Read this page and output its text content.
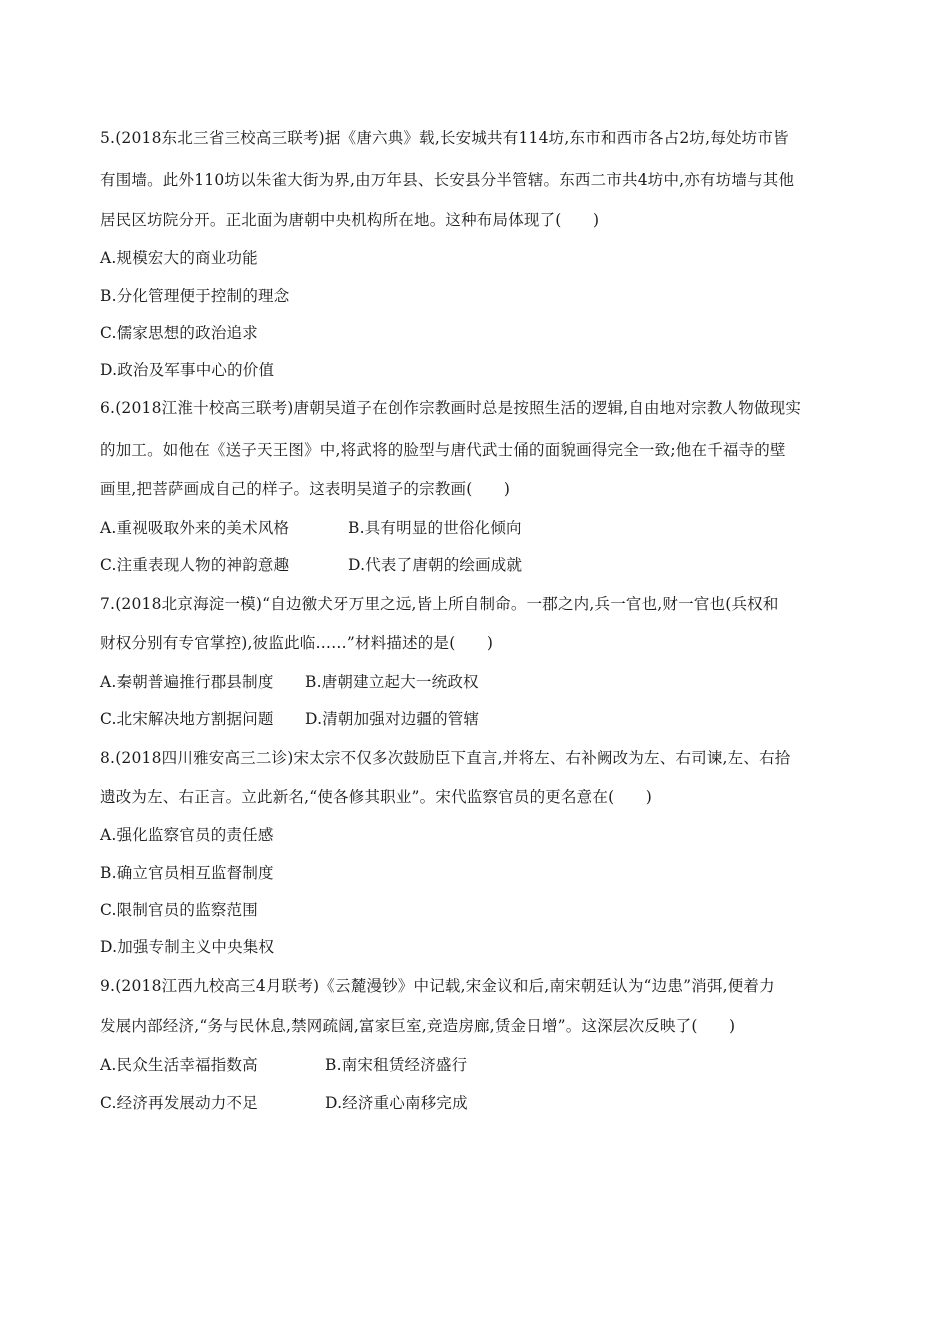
5.(2018东北三省三校高三联考)据《唐六典》载,长安城共有114坊,东市和西市各占2坊,每处坊市皆
有围墙。此外110坊以朱雀大街为界,由万年县、长安县分半管辖。东西二市共4坊中,亦有坊墙与其他
居民区坊院分开。正北面为唐朝中央机构所在地。这种布局体现了(　　)
A.规模宏大的商业功能
B.分化管理便于控制的理念
C.儒家思想的政治追求
D.政治及军事中心的价值
6.(2018江淮十校高三联考)唐朝吴道子在创作宗教画时总是按照生活的逻辑,自由地对宗教人物做现实
的加工。如他在《送子天王图》中,将武将的脸型与唐代武士俑的面貌画得完全一致;他在千福寺的壁
画里,把菩萨画成自己的样子。这表明吴道子的宗教画(　　)
A.重视吸取外来的美术风格	B.具有明显的世俗化倾向
C.注重表现人物的神韵意趣	D.代表了唐朝的绘画成就
7.(2018北京海淀一模)“自边徼犬牙万里之远,皆上所自制命。一郡之内,兵一官也,财一官也(兵权和
财权分别有专官掌控),彼监此临……”材料描述的是(　　)
A.秦朝普遍推行郡县制度 B.唐朝建立起大一统政权
C.北宋解决地方割据问题 D.清朝加强对边疆的管辖
8.(2018四川雅安高三二诊)宋太宗不仅多次鼓励臣下直言,并将左、右补阙改为左、右司谏,左、右拾
遗改为左、右正言。立此新名,“使各修其职业”。宋代监察官员的更名意在(　　)
A.强化监察官员的责任感
B.确立官员相互监督制度
C.限制官员的监察范围
D.加强专制主义中央集权
9.(2018江西九校高三4月联考)《云麓漫钞》中记载,宋金议和后,南宋朝廷认为“边患”消弭,便着力
发展内部经济,“务与民休息,禁网疏阔,富家巨室,竞造房廊,赁金日增”。这深层次反映了(　　)
A.民众生活幸福指数高	B.南宋租赁经济盛行
C.经济再发展动力不足	D.经济重心南移完成
